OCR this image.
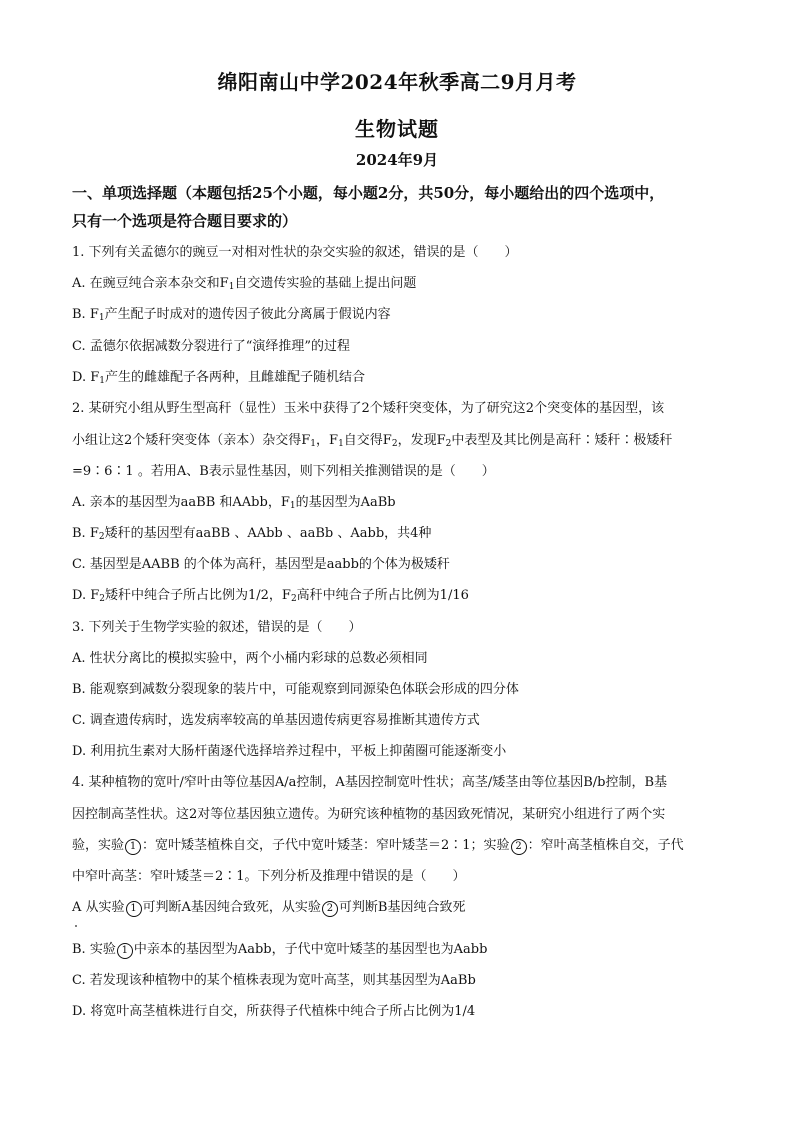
绵阳南山中学2024年秋季高二9月月考
生物试题
2024年9月
一、单项选择题（本题包括25个小题，每小题2分，共50分，每小题给出的四个选项中，
只有一个选项是符合题目要求的）
1. 下列有关孟德尔的豌豆一对相对性状的杂交实验的叙述，错误的是（　　）
A. 在豌豆纯合亲本杂交和$F_1$自交遗传实验的基础上提出问题
B. $F_1$产生配子时成对的遗传因子彼此分离属于假说内容
C. 孟德尔依据减数分裂进行了“演绎推理”的过程
D. $F_1$产生的雌雄配子各两种，且雌雄配子随机结合
2. 某研究小组从野生型高秆（显性）玉米中获得了2个矮秆突变体，为了研究这2个突变体的基因型，该
小组让这2个矮秆突变体（亲本）杂交得$F_1$，$F_1$自交得$F_2$，发现$F_2$中表型及其比例是高秆∶矮秆∶极矮秆
=9∶6∶1 。若用A、B表示显性基因，则下列相关推测错误的是（　　）
A. 亲本的基因型为aaBB 和AAbb，$F_1$的基因型为AaBb
B. $F_2$矮秆的基因型有aaBB 、AAbb 、aaBb 、Aabb，共4种
C. 基因型是AABB 的个体为高秆，基因型是aabb的个体为极矮秆
D. $F_2$矮秆中纯合子所占比例为1/2，$F_2$高秆中纯合子所占比例为1/16
3. 下列关于生物学实验的叙述，错误的是（　　）
A. 性状分离比的模拟实验中，两个小桶内彩球的总数必须相同
B. 能观察到减数分裂现象的装片中，可能观察到同源染色体联会形成的四分体
C. 调查遗传病时，选发病率较高的单基因遗传病更容易推断其遗传方式
D. 利用抗生素对大肠杆菌逐代选择培养过程中，平板上抑菌圈可能逐渐变小
4. 某种植物的宽叶/窄叶由等位基因A/a控制，A基因控制宽叶性状；高茎/矮茎由等位基因B/b控制，B基
因控制高茎性状。这2对等位基因独立遗传。为研究该种植物的基因致死情况，某研究小组进行了两个实
验，实验 1 ：宽叶矮茎植株自交，子代中宽叶矮茎：窄叶矮茎＝2∶1；实验 2 ：窄叶高茎植株自交，子代
中窄叶高茎：窄叶矮茎＝2∶1。下列分析及推理中错误的是（　　）
A 从实验 1 可判断A基因纯合致死，从实验 2 可判断B基因纯合致死
B. 实验 1 中亲本的基因型为Aabb，子代中宽叶矮茎的基因型也为Aabb
C. 若发现该种植物中的某个植株表现为宽叶高茎，则其基因型为AaBb
D. 将宽叶高茎植株进行自交，所获得子代植株中纯合子所占比例为1/4
